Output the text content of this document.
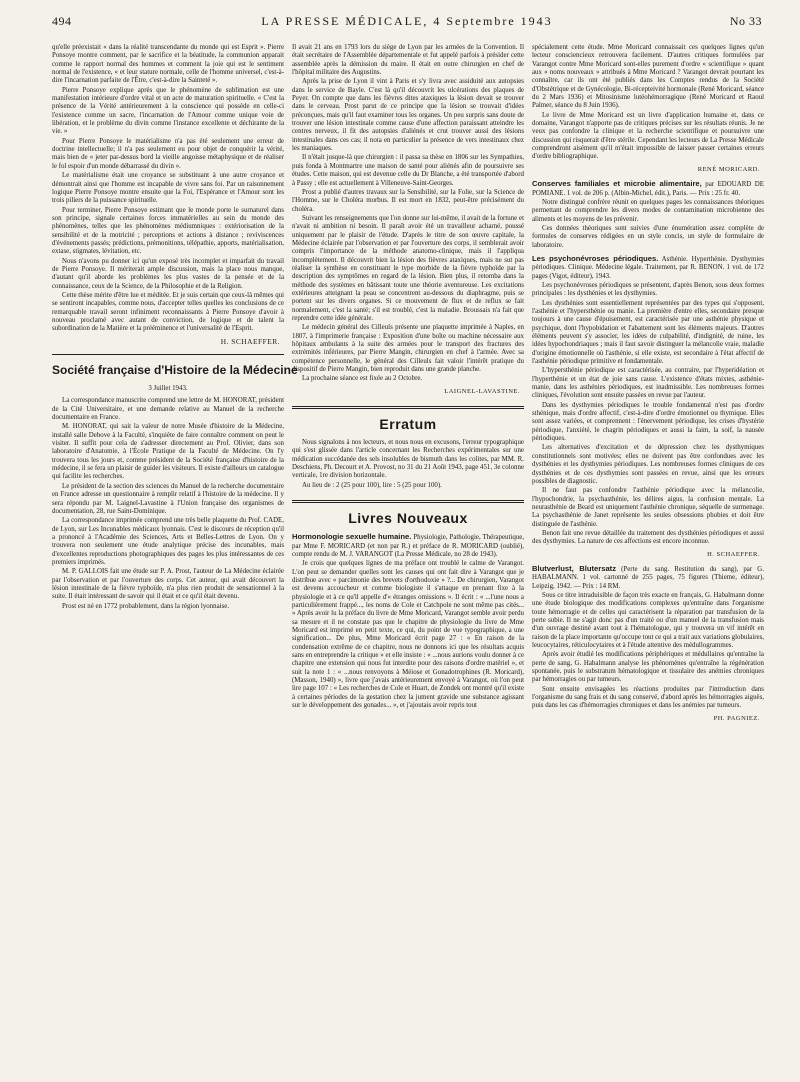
494	LA PRESSE MÉDICALE, 4 Septembre 1943	No 33

qu'elle préexistait « dans la réalité transcendante du monde qui est Esprit ». Pierre Ponsoye montre comment, par le sacrifice et la béatitude, la communion apparait comme le rapport normal des hommes et comment la joie qui est le sentiment normal de l'existence, « et leur stature normale, celle de l'homme universel, c'est-à-dire l'incarnation parfaite de l'Être, c'est-à-dire la Sainteté ».

Pierre Ponsoye explique après que le phénomène de sublimation est une manifestation intérieure d'ordre vital et un acte de maturation spirituelle. « C'est la présence de la Vérité antérieurement à la conscience qui possède en celle-ci l'existence comme un sacre, l'incarnation de l'Amour comme unique voie de libération, et le problème du divin comme l'instance excellente et déchirante de la vie. »

Pour Pierre Ponsoye le matérialisme n'a pas été seulement une erreur de doctrine intellectuelle; il n'a pas seulement eu pour objet de conquérir la vérité, mais bien de « jeter par-dessus bord la vieille angoisse métaphysique et de réaliser le fol espoir d'un monde débarrassé du divin ».

Le matérialisme était une croyance se substituant à une autre croyance et démontrait ainsi que l'homme est incapable de vivre sans foi. Par un raisonnement logique Pierre Ponsoye montre ensuite que la Foi, l'Espérance et l'Amour sont les trois piliers de la puissance spirituelle.

Pour terminer, Pierre Ponsoye estimant que le monde porte le surnaturel dans son principe, signale certaines forces immatérielles au sein du monde des phénomènes, telles que les phénomènes médiumniques : extériorisation de la sensibilité et de la motricité ; perceptions et actions à distance ; reviviscences d'événements passés; prédictions, prémonitions, télépathie, apports, matérialisation, extase, stigmates, lévitation, etc.

Nous n'avons pu donner ici qu'un exposé très incomplet et imparfait du travail de Pierre Ponsoye. Il mériterait ample discussion, mais la place nous manque, d'autant qu'il aborde les problèmes les plus vastes de la pensée et de la connaissance, ceux de la Science, de la Philosophie et de la Religion.

Cette thèse mérite d'être lue et méditée. Et je suis certain que ceux-là mêmes qui se sentiront incapables, comme nous, d'accepter telles quelles les conclusions de ce remarquable travail seront infiniment reconnaissants à Pierre Ponsoye d'avoir à nouveau proclamé avec autant de conviction, de logique et de talent la subordination de la Matière et la prééminence et l'universalité de l'Esprit.

H. SCHAEFFER.
Société française d'Histoire de la Médecine
3 Juillet 1943.

La correspondance manuscrite comprend une lettre de M. HONORAT, président de la Cité Universitaire, et une demande relative au Manuel de la recherche documentaire en France.

M. HONORAT, qui sait la valeur de notre Musée d'histoire de la Médecine, installé salle Debove à la Faculté, s'inquiète de faire connaître comment on peut le visiter. Il suffit pour cela de s'adresser directement au Prof. Olivier, dans son laboratoire d'Anatomie, à l'École Pratique de la Faculté de Médecine. On l'y trouvera tous les jours et, comme président de la Société française d'histoire de la médecine, il se fera un plaisir de guider les visiteurs. Il existe d'ailleurs un catalogue qui facilite les recherches.

Le président de la section des sciences du Manuel de la recherche documentaire en France adresse un questionnaire à remplir relatif à l'histoire de la médecine. Il y sera répondu par M. Laignel-Lavastine à l'Union française des organismes de documentation, 28, rue Saint-Dominique.

La correspondance imprimée comprend une très belle plaquette du Prof. CADE, de Lyon, sur Les Incunables médicaux lyonnais. C'est le discours de réception qu'il a prononcé à l'Académie des Sciences, Arts et Belles-Lettres de Lyon. On y trouvera non seulement une étude analytique précise des incunables, mais d'excellentes reproductions photographiques des pages les plus intéressantes de ces premiers imprimés.

M. P. GALLOIS fait une étude sur P. A. Prost, l'auteur de La Médecine éclairée par l'observation et par l'ouverture des corps. Cet auteur, qui avait découvert la lésion intestinale de la fièvre typhoïde, n'a plus rien produit de sensationnel à la suite. Il était intéressant de savoir qui il était et ce qu'il était devenu.

Prost est né en 1772 probablement, dans la région lyonnaise.

Il avait 21 ans en 1793 lors du siège de Lyon par les armées de la Convention. Il était secrétaire de l'Assemblée départementale et fut appelé parfois à présider cette assemblée après la démission du maire. Il était en outre chirurgien en chef de l'hôpital militaire des Augustins.

Après la prise de Lyon il vint à Paris et s'y livra avec assiduité aux autopsies dans le service de Bayle. C'est là qu'il découvrit les ulcérations des plaques de Peyer. On compte que dans les fièvres dites ataxiques la lésion devait se trouver dans le cerveau. Prost parut de ce principe que la lésion se trouvait d'idées préconçues, mais qu'il faut examiner tous les organes. Un peu surpris sans doute de trouver une lésion intestinale comme cause d'une affection paraissant atteindre les centres nerveux, il fit des autopsies d'aliénés et crut trouver aussi des lésions intestinales dans ces cas; il nota en particulier la présence de vers intestinaux chez les maniaques.

Il n'était jusque-là que chirurgien : il passa sa thèse en 1806 sur les Sympathies, puis fonda à Montmartre une maison de santé pour aliénés afin de poursuivre ses études. Cette maison, qui est devenue celle du Dr Blanche, a été transportée d'abord à Passy ; elle est actuellement à Villeneuve-Saint-Georges.

Prost a publié d'autres travaux sur la Sensibilité, sur la Folie, sur la Science de l'Homme, sur le Choléra morbus. Il est mort en 1832, peut-être précisément du choléra.

Suivant les renseignements que l'on donne sur lui-même, il avait de la fortune et n'avait ni ambition ni besoin. Il paraît avoir été un travailleur acharné, poussé uniquement par le plaisir de l'étude. D'après le titre de son œuvre capitale, la Médecine éclairée par l'observation et par l'ouverture des corps, il semblerait avoir compris l'importance de la méthode anatomo-clinique, mais il l'appliqua incomplètement. Il découvrit bien la lésion des fièvres ataxiques, mais ne sut pas réaliser la synthèse en constituant le type morbide de la fièvre typhoïde par la description des symptômes en regard de la lésion. Bien plus, il retomba dans la méthode des systèmes en bâtissant toute une théorie aventureuse. Les excitations extérieures atteignant la peau se concentrent au-dessous du diaphragme, puis se portent sur les divers organes. Si ce mouvement de flux et de reflux se fait normalement, c'est la santé; s'il est troublé, c'est la maladie. Broussais n'a fait que reprendre cette idée générale.

Le médecin général des Cilleuls présente une plaquette imprimée à Naples, en 1807, à l'imprimerie française : Exposition d'une boîte ou machine nécessaire aux hôpitaux ambulants à la suite des armées pour le transport des fractures des extrémités inférieures, par Pierre Mangin, chirurgien en chef à l'armée. Avec sa compétence personnelle, le général des Cilleuls fait valoir l'intérêt pratique du dispositif de Pierre Mangin, bien reproduit dans une grande planche.

La prochaine séance est fixée au 2 Octobre.

LAIGNEL-LAVASTINE.
Erratum

Nous signalons à nos lecteurs, et nous nous en excusons, l'erreur typographique qui s'est glissée dans l'article concernant les Recherches expérimentales sur une médication succédanée des sels insolubles de bismuth dans les colites, par MM. R. Deschiens, Ph. Decourt et A. Provost, no 31 du 21 Août 1943, page 451, 3e colonne verticale, 1re division horizontale.

Au lieu de : 2 (25 pour 100), lire : 5 (25 pour 100).

Livres Nouveaux

Hormonologie sexuelle humaine. Physiologie, Pathologie, Thérapeutique, par Mme F. MORICARD (et non par R.) et préface de R. MORICARD (oublié), compte rendu de M. J. VARANGOT (La Presse Médicale, no 28 de 1943).

Je crois que quelques lignes de ma préface ont troublé le calme de Varangot. L'on peut se demander quelles sont les causes qui ont fait dire à Varangot que je distribue avec « parcimonie des brevets d'orthodoxie » ?... De chirurgien, Varangot est devenu accoucheur et comme biologiste il s'attaque en prenant fixe à la physiologie et à ce qu'il appelle d'« étranges omissions ». Il écrit : « ...l'une nous a particulièrement frappé..., les noms de Cole et Catchpole ne sont même pas cités... » Après avoir lu la préface du livre de Mme Moricard, Varangot semble avoir perdu sa mesure et il ne constate pas que le chapitre de physiologie du livre de Mme Moricard est imprimé en petit texte, ce qui, du point de vue typographique, a une signification... De plus, Mme Moricard écrit page 27 : « En raison de la condensation extrême de ce chapitre, nous ne donnons ici que les résultats acquis sans en entreprendre la critique » et elle insiste : « ...nous aurions voulu donner à ce chapitre une extension qui nous fut interdite pour des raisons d'ordre matériel », et suit la note 1 : « ...nous renvoyons à Méiose et Gonadotrophines (R. Moricard), (Masson, 1940) », livre que j'avais antérieurement envoyé à Varangot, où l'on peut lire page 107 : « Les recherches de Cole et Huart, de Zondek ont montré qu'il existe à certaines périodes de la gestation chez la jument gravide une substance agissant sur le développement des gonades... », et j'ajoutais avoir repris tout

spécialement cette étude. Mme Moricard connaissait ces quelques lignes qu'un lecteur consciencieux retrouvera facilement. D'autres critiques formulées par Varangot contre Mme Moricard sont-elles purement d'ordre « scientifique » quant aux « noms nouveaux » attribués à Mme Moricard ? Varangot devrait pourtant les connaître, car ils ont été publiés dans les Comptes rendus de la Société d'Obstétrique et de Gynécologie, Bi-récepteivité hormonale (René Moricard, séance du 2 Mars 1936) et Mitosinisme lutéohémorragique (René Moricard et Raoul Palmer, séance du 8 Juin 1936).

Le livre de Mme Moricard est un livre d'application humaine et, dans ce domaine, Varangot n'apporte pas de critiques précises sur les résultats réunis. Je ne veux pas confondre la clinique et la recherche scientifique et poursuivre une discussion qui risquerait d'être stérile. Cependant les lecteurs de La Presse Médicale comprendront aisément qu'il m'était impossible de laisser passer certaines erreurs d'ordre bibliographique.

RENÉ MORICARD.

Conserves familiales et microbie alimentaire, par EDOUARD DE POMIANE. 1 vol. de 206 p. (Albin-Michel, édit.), Paris. — Prix : 25 fr. 40.

Notre distingué confrère réunit en quelques pages les connaissances théoriques permettant de comprendre les divers modes de contamination microbienne des aliments et les moyens de les prévenir.

Ces données théoriques sont suivies d'une énumération assez complète de formules de conserves rédigées en un style concis, un style de formulaire de laboratoire.

Les psychonévroses périodiques. Asthénie. Hyperthénie. Dysthymies périodiques. Clinique. Médecine légale. Traitement, par R. BENON. 1 vol. de 172 pages (Vigot, éditeur), 1943.

Les psychonévroses périodiques se présentent, d'après Benon, sous deux formes principales : les dysthénies et les dysthymies.

Les dysthénies sont essentiellement représentées par des types qui s'opposent, l'asthénie et l'hypersthénie ou manie. La première d'entre elles, secondaire presque toujours à une cause d'épuisement, est caractérisée par une asthénie physique et psychique, dont l'hypobidation et l'abattement sont les éléments majeurs. D'autres éléments peuvent s'y associer, les idées de culpabilité, d'indignité, de ruine, les idées hypochondriaques ; mais il faut savoir distinguer la mélancolie vraie, maladie d'origine émotionnelle où l'asthénie, si elle existe, est secondaire à l'état affectif de l'asthénie périodique primitive et fondamentale.

L'hypersthénie périodique est caractérisée, au contraire, par l'hyperidéation et l'hyperthénie et un état de joie sans cause. L'existence d'états mixtes, asthénie-manie, dans les asthénies périodiques, est inadmissible. Les nombreuses formes cliniques, l'évolution sont ensuite passées en revue par l'auteur.

Dans les dysthymies périodiques le trouble fondamental n'est pas d'ordre sthénique, mais d'ordre affectif, c'est-à-dire d'ordre émotionnel ou thymique. Elles sont assez variées, et comprennent : l'énervement périodique, les crises d'hystérie périodique, l'anxiété, le chagrin périodiques et aussi la faim, la soif, la nausée périodiques.

Les alternatives d'excitation et de dépression chez les dysthymiques constitutionnels sont motivées; elles ne doivent pas être confondues avec les dysthénies et les dysthymies périodiques. Les nombreuses formes cliniques de ces dysthénies et de ces dysthymies sont passées en revue, ainsi que les erreurs possibles de diagnostic.

Il ne faut pas confondre l'asthénie périodique avec la mélancolie, l'hypochondrie, la psychasthénie, les délires aigus, la confusion mentale. La neurasthénie de Beard est uniquement l'asthénie chronique, séquelle de surmenage. La psychasthénie de Janet représente les seules obsessions phobies et doit être distinguée de l'asthénie.

Benon fait une revue détaillée du traitement des dysthénies périodiques et aussi des dysthymies. La nature de ces affections est encore inconnue.

H. SCHAEFFER.

Blutverlust, Blutersatz (Perte du sang. Restitution du sang), par G. HABALMANN. 1 vol. cartonné de 255 pages, 75 figures (Thieme, éditeur), Leipzig, 1942. — Prix : 14 RM.

Sous ce titre intraduisible de façon très exacte en français, G. Habalmann donne une étude biologique des modifications complexes qu'entraîne dans l'organisme toute hémorragie et de celles qui caractérisent la réparation par transfusion de la perte subie. Il ne s'agit donc pas d'un traité ou d'un manuel de la transfusion mais d'un ouvrage destiné avant tout à l'hématologue, qui y trouvera un vif intérêt en raison de la place importante qu'occupe tout ce qui a trait aux variations globulaires, leucocytaires, réticulocytaires et à l'étude attentive des médullogrammes.

Après avoir étudié les modifications périphériques et médullaires qu'entraîne la perte de sang, G. Habalmann analyse les phénomènes qu'entraîne la régénération spontanée, puis le substratum hématologique et tissulaire des anémies chroniques par hémorragies ou par tumeurs.

Sont ensuite envisagées les réactions produites par l'introduction dans l'organisme du sang frais et du sang conservé, d'abord après les hémorragies aiguës, puis dans les cas d'hémorragies chroniques et dans les anémies par tumeurs.

PH. PAGNIEZ.
